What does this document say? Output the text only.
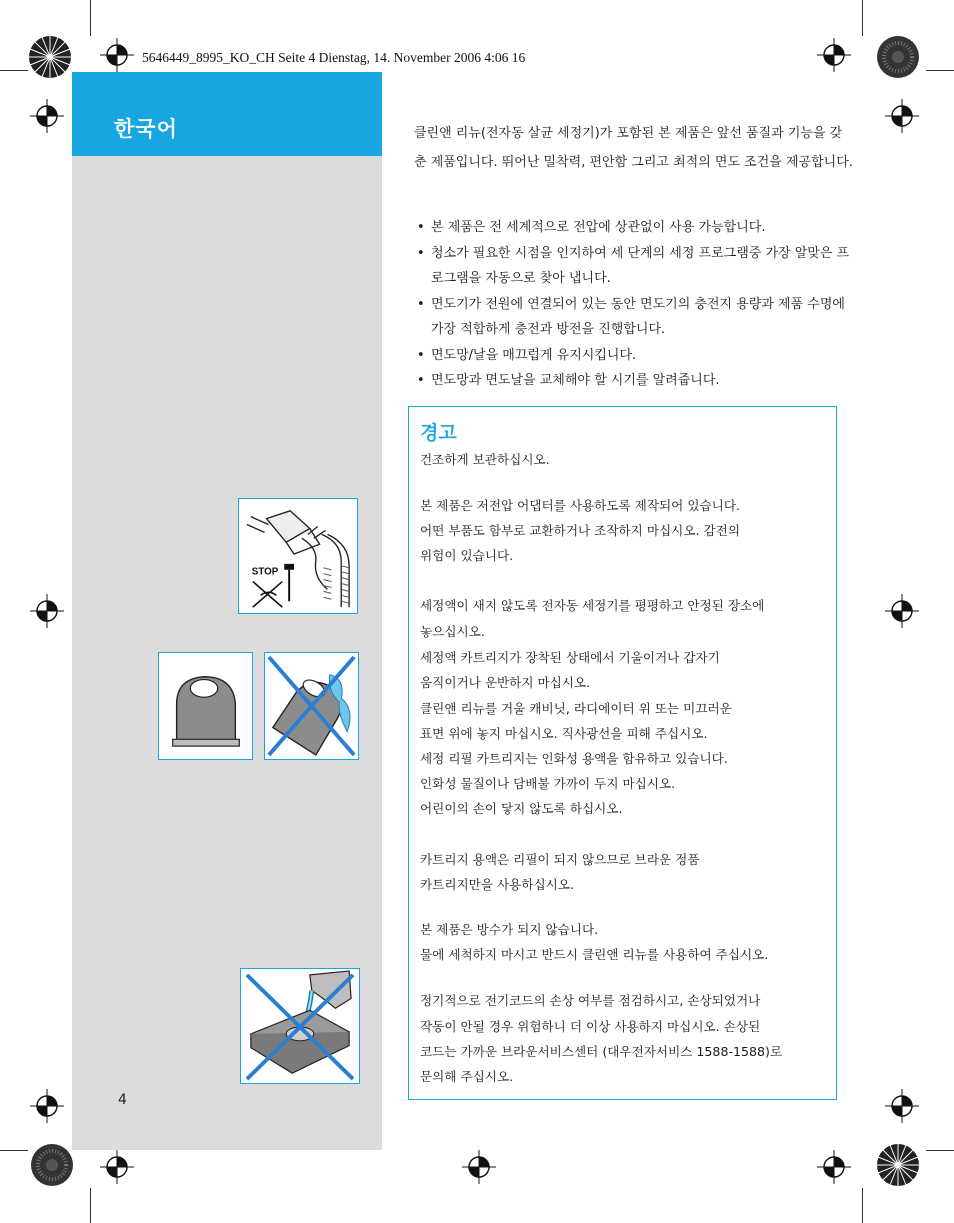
5646449_8995_KO_CH Seite 4 Dienstag, 14. November 2006 4:06 16
한국어
4

클린앤 리뉴(전자동 살균 세정기)가 포함된 본 제품은 앞선 품질과 기능을 갖춘 제품입니다. 뛰어난 밀착력, 편안함 그리고 최적의 면도 조건을 제공합니다.

• 본 제품은 전 세계적으로 전압에 상관없이 사용 가능합니다.
• 청소가 필요한 시점을 인지하여 세 단계의 세정 프로그램중 가장 알맞은 프로그램을 자동으로 찾아 냅니다.
• 면도기가 전원에 연결되어 있는 동안 면도기의 충전지 용량과 제품 수명에 가장 적합하게 충전과 방전을 진행합니다.
• 면도망/날을 매끄럽게 유지시킵니다.
• 면도망과 면도날을 교체해야 할 시기를 알려줍니다.
경고
건조하게 보관하십시오.
본 제품은 저전압 어댑터를 사용하도록 제작되어 있습니다.
어떤 부품도 함부로 교환하거나 조작하지 마십시오. 감전의
위험이 있습니다.
세정액이 새지 않도록 전자동 세정기를 평평하고 안정된 장소에
놓으십시오.
세정액 카트리지가 장착된 상태에서 기울이거나 갑자기
움직이거나 운반하지 마십시오.
클린앤 리뉴를 거울 캐비닛, 라디에이터 위 또는 미끄러운
표면 위에 놓지 마십시오. 직사광선을 피해 주십시오.
세정 리필 카트리지는 인화성 용액을 함유하고 있습니다.
인화성 물질이나 담배불 가까이 두지 마십시오.
어린이의 손이 닿지 않도록 하십시오.
카트리지 용액은 리필이 되지 않으므로 브라운 정품
카트리지만을 사용하십시오.
본 제품은 방수가 되지 않습니다.
물에 세척하지 마시고 반드시 클린앤 리뉴를 사용하여 주십시오.
정기적으로 전기코드의 손상 여부를 점검하시고, 손상되었거나
작동이 안될 경우 위험하니 더 이상 사용하지 마십시오. 손상된
코드는 가까운 브라운서비스센터 (대우전자서비스 1588-1588)로
문의해 주십시오.
STOP
